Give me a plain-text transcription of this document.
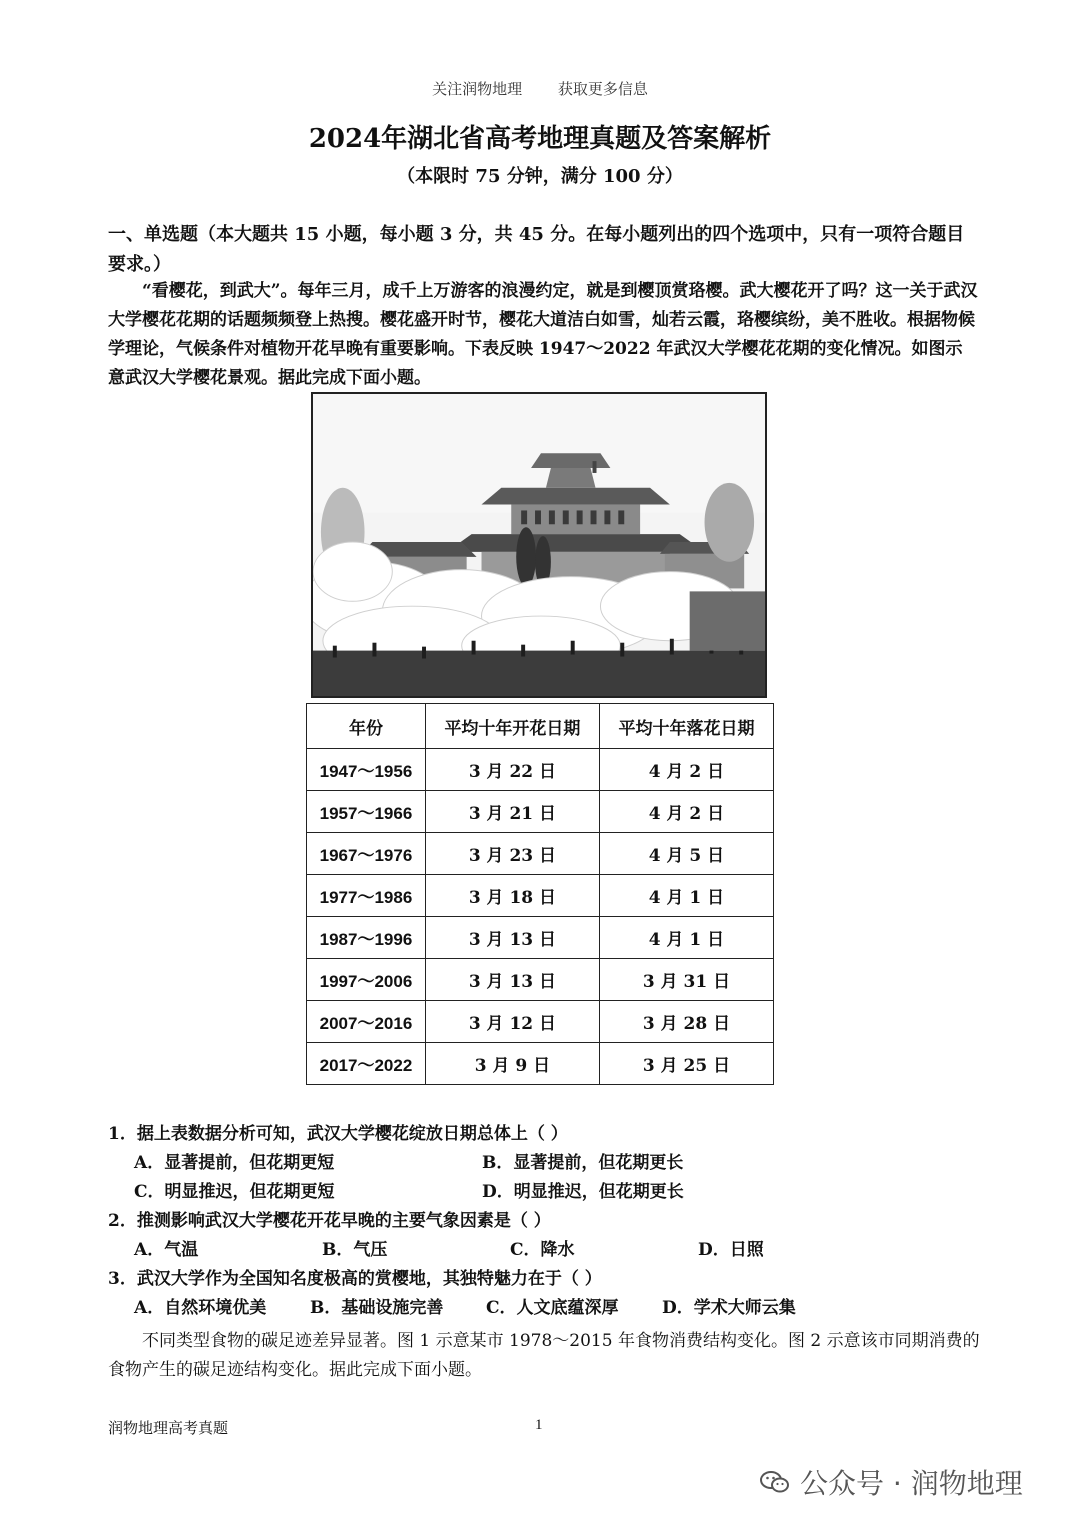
关注润物地理 获取更多信息
2024年湖北省高考地理真题及答案解析
（本限时 75 分钟，满分 100 分）
一、单选题（本大题共 15 小题，每小题 3 分，共 45 分。在每小题列出的四个选项中，只有一项符合题目要求。）

“看樱花，到武大”。每年三月，成千上万游客的浪漫约定，就是到樱顶赏珞樱。武大樱花开了吗？这一关于武汉大学樱花花期的话题频频登上热搜。樱花盛开时节，樱花大道洁白如雪，灿若云霞，珞樱缤纷，美不胜收。根据物候学理论，气候条件对植物开花早晚有重要影响。下表反映 1947～2022 年武汉大学樱花花期的变化情况。如图示意武汉大学樱花景观。据此完成下面小题。

年份	平均十年开花日期	平均十年落花日期
1947～1956	3 月 22 日	4 月 2 日
1957～1966	3 月 21 日	4 月 2 日
1967～1976	3 月 23 日	4 月 5 日
1977～1986	3 月 18 日	4 月 1 日
1987～1996	3 月 13 日	4 月 1 日
1997～2006	3 月 13 日	3 月 31 日
2007～2016	3 月 12 日	3 月 28 日
2017～2022	3 月 9 日	3 月 25 日

1．据上表数据分析可知，武汉大学樱花绽放日期总体上（ ）

A．显著提前，但花期更短	B．显著提前，但花期更长
C．明显推迟，但花期更短	D．明显推迟，但花期更长

2．推测影响武汉大学樱花开花早晚的主要气象因素是（ ）

A．气温	B．气压	C．降水	D．日照

3．武汉大学作为全国知名度极高的赏樱地，其独特魅力在于（ ）

A．自然环境优美	B．基础设施完善	C．人文底蕴深厚	D．学术大师云集

不同类型食物的碳足迹差异显著。图 1 示意某市 1978～2015 年食物消费结构变化。图 2 示意该市同期消费的食物产生的碳足迹结构变化。据此完成下面小题。

润物地理高考真题	1
公众号 · 润物地理
